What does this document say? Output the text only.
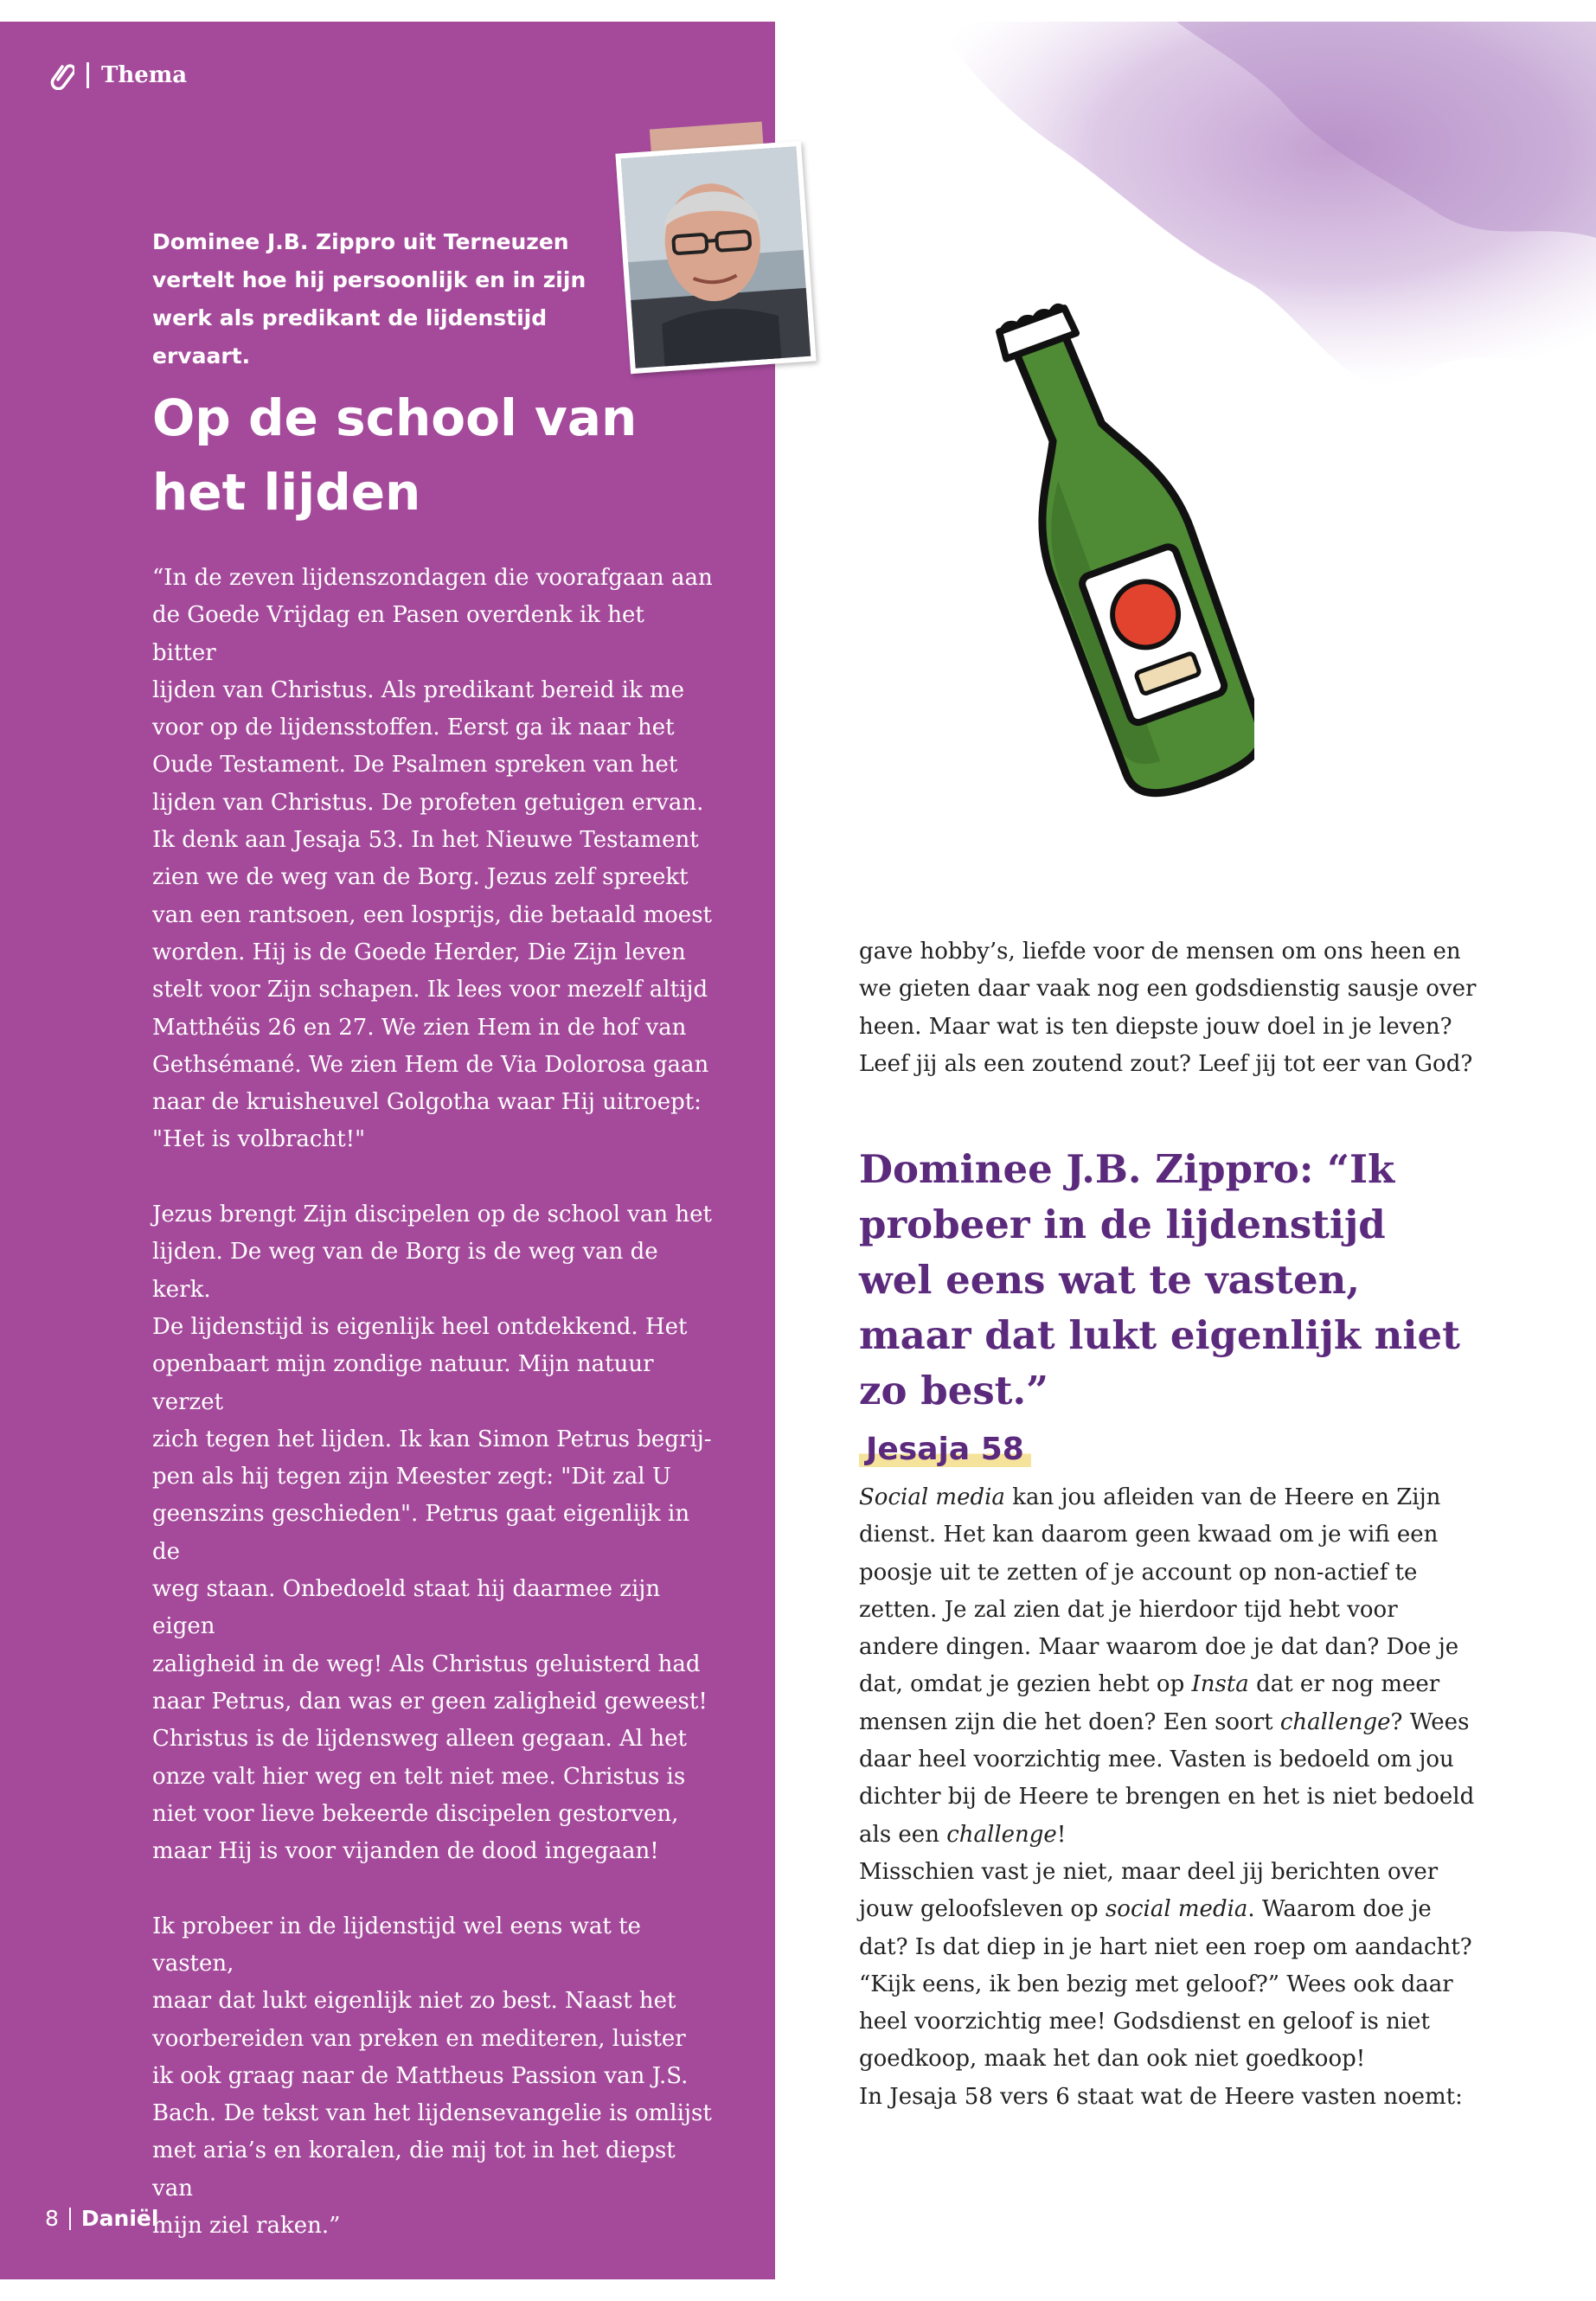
Thema
Dominee J.B. Zippro uit Terneuzen vertelt hoe hij persoonlijk en in zijn werk als predikant de lijdenstijd ervaart.
Op de school van het lijden

“In de zeven lijdenszondagen die voorafgaan aan
de Goede Vrijdag en Pasen overdenk ik het bitter
lijden van Christus. Als predikant bereid ik me
voor op de lijdensstoffen. Eerst ga ik naar het
Oude Testament. De Psalmen spreken van het
lijden van Christus. De profeten getuigen ervan.
Ik denk aan Jesaja 53. In het Nieuwe Testament
zien we de weg van de Borg. Jezus zelf spreekt
van een rantsoen, een losprijs, die betaald moest
worden. Hij is de Goede Herder, Die Zijn leven
stelt voor Zijn schapen. Ik lees voor mezelf altijd
Matthéüs 26 en 27. We zien Hem in de hof van
Gethsémané. We zien Hem de Via Dolorosa gaan
naar de kruisheuvel Golgotha waar Hij uitroept:
"Het is volbracht!"

Jezus brengt Zijn discipelen op de school van het
lijden. De weg van de Borg is de weg van de kerk.
De lijdenstijd is eigenlijk heel ontdekkend. Het
openbaart mijn zondige natuur. Mijn natuur verzet
zich tegen het lijden. Ik kan Simon Petrus begrij-
pen als hij tegen zijn Meester zegt: "Dit zal U
geenszins geschieden". Petrus gaat eigenlijk in de
weg staan. Onbedoeld staat hij daarmee zijn eigen
zaligheid in de weg! Als Christus geluisterd had
naar Petrus, dan was er geen zaligheid geweest!
Christus is de lijdensweg alleen gegaan. Al het
onze valt hier weg en telt niet mee. Christus is
niet voor lieve bekeerde discipelen gestorven,
maar Hij is voor vijanden de dood ingegaan!

Ik probeer in de lijdenstijd wel eens wat te vasten,
maar dat lukt eigenlijk niet zo best. Naast het
voorbereiden van preken en mediteren, luister
ik ook graag naar de Mattheus Passion van J.S.
Bach. De tekst van het lijdensevangelie is omlijst
met aria’s en koralen, die mij tot in het diepst van
mijn ziel raken.”

gave hobby’s, liefde voor de mensen om ons heen en
we gieten daar vaak nog een godsdienstig sausje over
heen. Maar wat is ten diepste jouw doel in je leven?
Leef jij als een zoutend zout? Leef jij tot eer van God?
Dominee J.B. Zippro: “Ik probeer in de lijdenstijd wel eens wat te vasten, maar dat lukt eigenlijk niet zo best.”
Jesaja 58

Social media kan jou afleiden van de Heere en Zijn
dienst. Het kan daarom geen kwaad om je wifi een
poosje uit te zetten of je account op non-actief te
zetten. Je zal zien dat je hierdoor tijd hebt voor
andere dingen. Maar waarom doe je dat dan? Doe je
dat, omdat je gezien hebt op Insta dat er nog meer
mensen zijn die het doen? Een soort challenge? Wees
daar heel voorzichtig mee. Vasten is bedoeld om jou
dichter bij de Heere te brengen en het is niet bedoeld
als een challenge!

Misschien vast je niet, maar deel jij berichten over
jouw geloofsleven op social media. Waarom doe je
dat? Is dat diep in je hart niet een roep om aandacht?
“Kijk eens, ik ben bezig met geloof?” Wees ook daar
heel voorzichtig mee! Godsdienst en geloof is niet
goedkoop, maak het dan ook niet goedkoop!

In Jesaja 58 vers 6 staat wat de Heere vasten noemt:

8 Daniël
